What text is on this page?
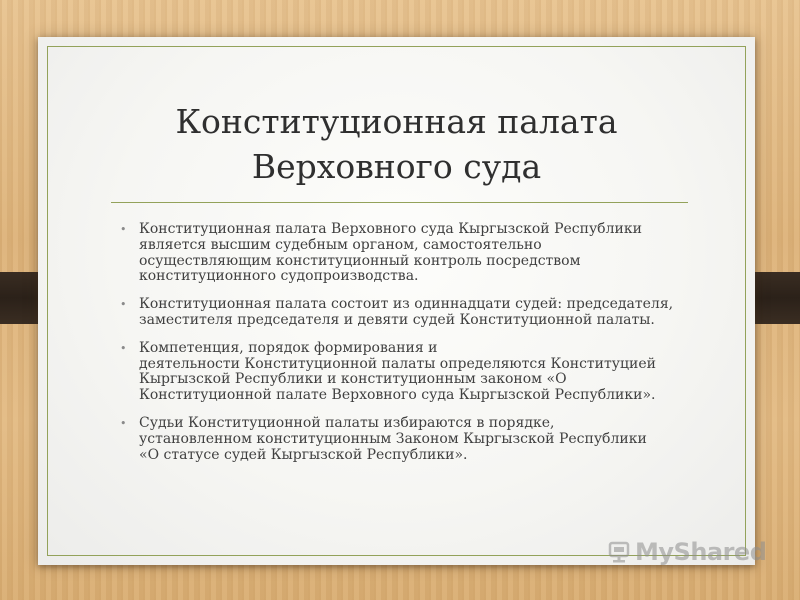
Конституционная палата
Верховного суда
• Конституционная палата Верховного суда Кыргызской Республики
является высшим судебным органом, самостоятельно
осуществляющим конституционный контроль посредством
конституционного судопроизводства.
• Конституционная палата состоит из одиннадцати судей: председателя,
заместителя председателя и девяти судей Конституционной палаты.
• Компетенция, порядок формирования и
деятельности Конституционной палаты определяются Конституцией
Кыргызской Республики и конституционным законом «О
Конституционной палате Верховного суда Кыргызской Республики».
• Судьи Конституционной палаты избираются в порядке,
установленном конституционным Законом Кыргызской Республики
«О статусе судей Кыргызской Республики».
MyShared
